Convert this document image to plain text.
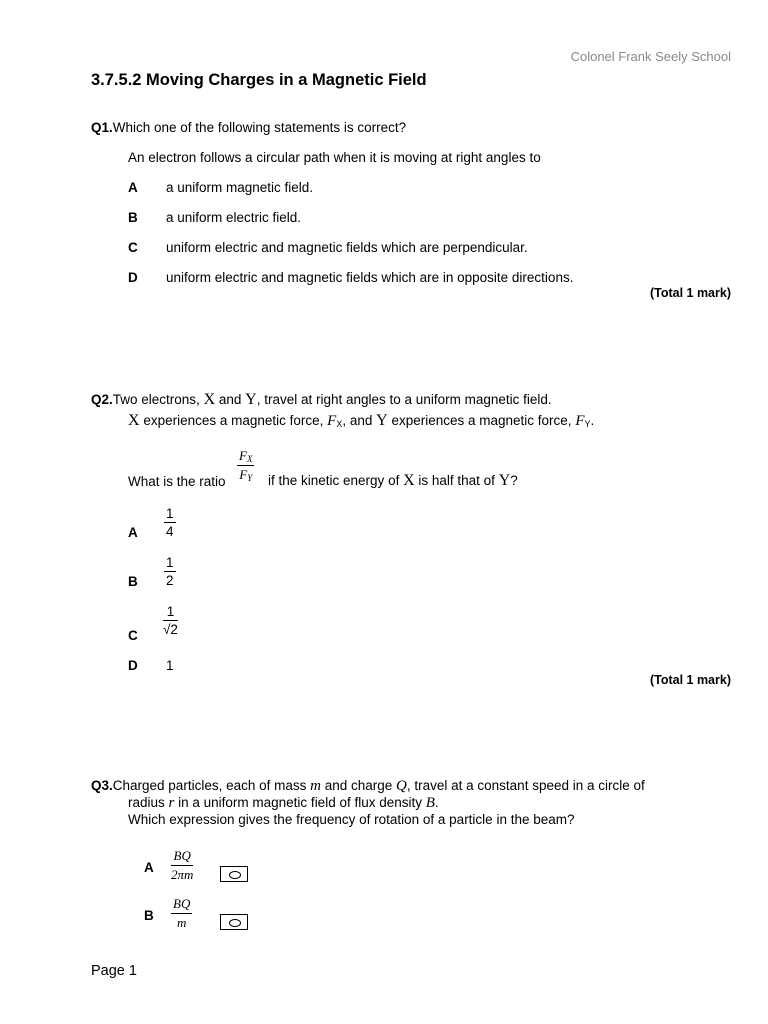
Colonel Frank Seely School
3.7.5.2 Moving Charges in a Magnetic Field
Q1.Which one of the following statements is correct?
An electron follows a circular path when it is moving at right angles to
A a uniform magnetic field.
B a uniform electric field.
C uniform electric and magnetic fields which are perpendicular.
D uniform electric and magnetic fields which are in opposite directions.
(Total 1 mark)
Q2.Two electrons, X and Y, travel at right angles to a uniform magnetic field.
X experiences a magnetic force, $F_X$, and Y experiences a magnetic force, $F_Y$.
What is the ratio $\frac{F_X}{F_Y}$ if the kinetic energy of X is half that of Y?
A $\frac{1}{4}$
B $\frac{1}{2}$
C $\frac{1}{√2}$
D 1
(Total 1 mark)
Q3.Charged particles, each of mass m and charge Q, travel at a constant speed in a circle of
radius r in a uniform magnetic field of flux density B.
Which expression gives the frequency of rotation of a particle in the beam?
A $\frac{BQ}{2\pi m}$
B $\frac{BQ}{m}$
Page 1
